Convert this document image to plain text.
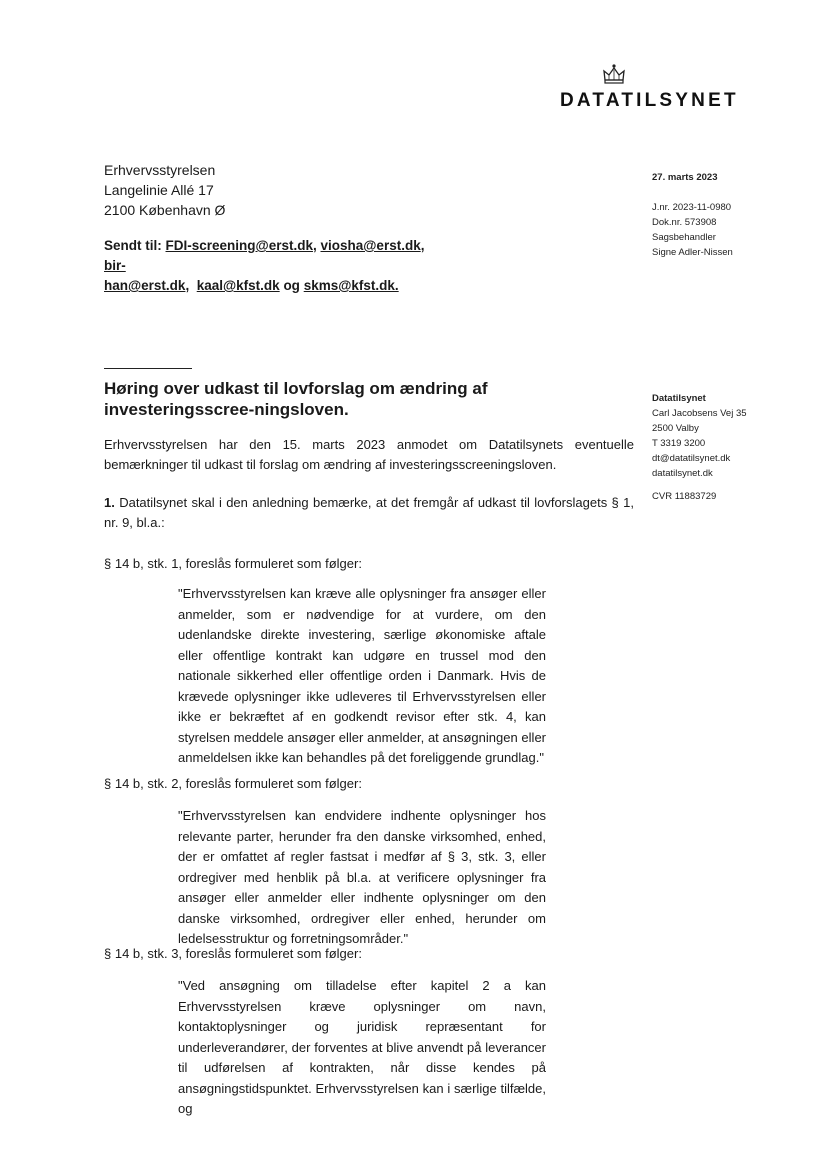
DATATILSYNET
Erhvervsstyrelsen
Langelinie Allé 17
2100 København Ø
Sendt til: FDI-screening@erst.dk, viosha@erst.dk, bir-
han@erst.dk, kaal@kfst.dk og skms@kfst.dk.
27. marts 2023
J.nr. 2023-11-0980
Dok.nr. 573908
Sagsbehandler
Signe Adler-Nissen
Datatilsynet
Carl Jacobsens Vej 35
2500 Valby
T 3319 3200
dt@datatilsynet.dk
datatilsynet.dk
CVR 11883729
Høring over udkast til lovforslag om ændring af investeringsscree-ningsloven.
Erhvervsstyrelsen har den 15. marts 2023 anmodet om Datatilsynets eventuelle bemærkninger til udkast til forslag om ændring af investeringsscreeningsloven.
1. Datatilsynet skal i den anledning bemærke, at det fremgår af udkast til lovforslagets § 1, nr. 9, bl.a.:
§ 14 b, stk. 1, foreslås formuleret som følger:
"Erhvervsstyrelsen kan kræve alle oplysninger fra ansøger eller anmelder, som er nødvendige for at vurdere, om den udenlandske direkte investering, særlige økonomiske aftale eller offentlige kontrakt kan udgøre en trussel mod den nationale sikkerhed eller offentlige orden i Danmark. Hvis de krævede oplysninger ikke udleveres til Erhvervsstyrelsen eller ikke er bekræftet af en godkendt revisor efter stk. 4, kan styrelsen meddele ansøger eller anmelder, at ansøgningen eller anmeldelsen ikke kan behandles på det foreliggende grundlag."
§ 14 b, stk. 2, foreslås formuleret som følger:
"Erhvervsstyrelsen kan endvidere indhente oplysninger hos relevante parter, herunder fra den danske virksomhed, enhed, der er omfattet af regler fastsat i medfør af § 3, stk. 3, eller ordregiver med henblik på bl.a. at verificere oplysninger fra ansøger eller anmelder eller indhente oplysninger om den danske virksomhed, ordregiver eller enhed, herunder om ledelsesstruktur og forretningsområder."
§ 14 b, stk. 3, foreslås formuleret som følger:
"Ved ansøgning om tilladelse efter kapitel 2 a kan Erhvervsstyrelsen kræve oplysninger om navn, kontaktoplysninger og juridisk repræsentant for underleverandører, der forventes at blive anvendt på leverancer til udførelsen af kontrakten, når disse kendes på ansøgningstidspunktet. Erhvervsstyrelsen kan i særlige tilfælde, og
